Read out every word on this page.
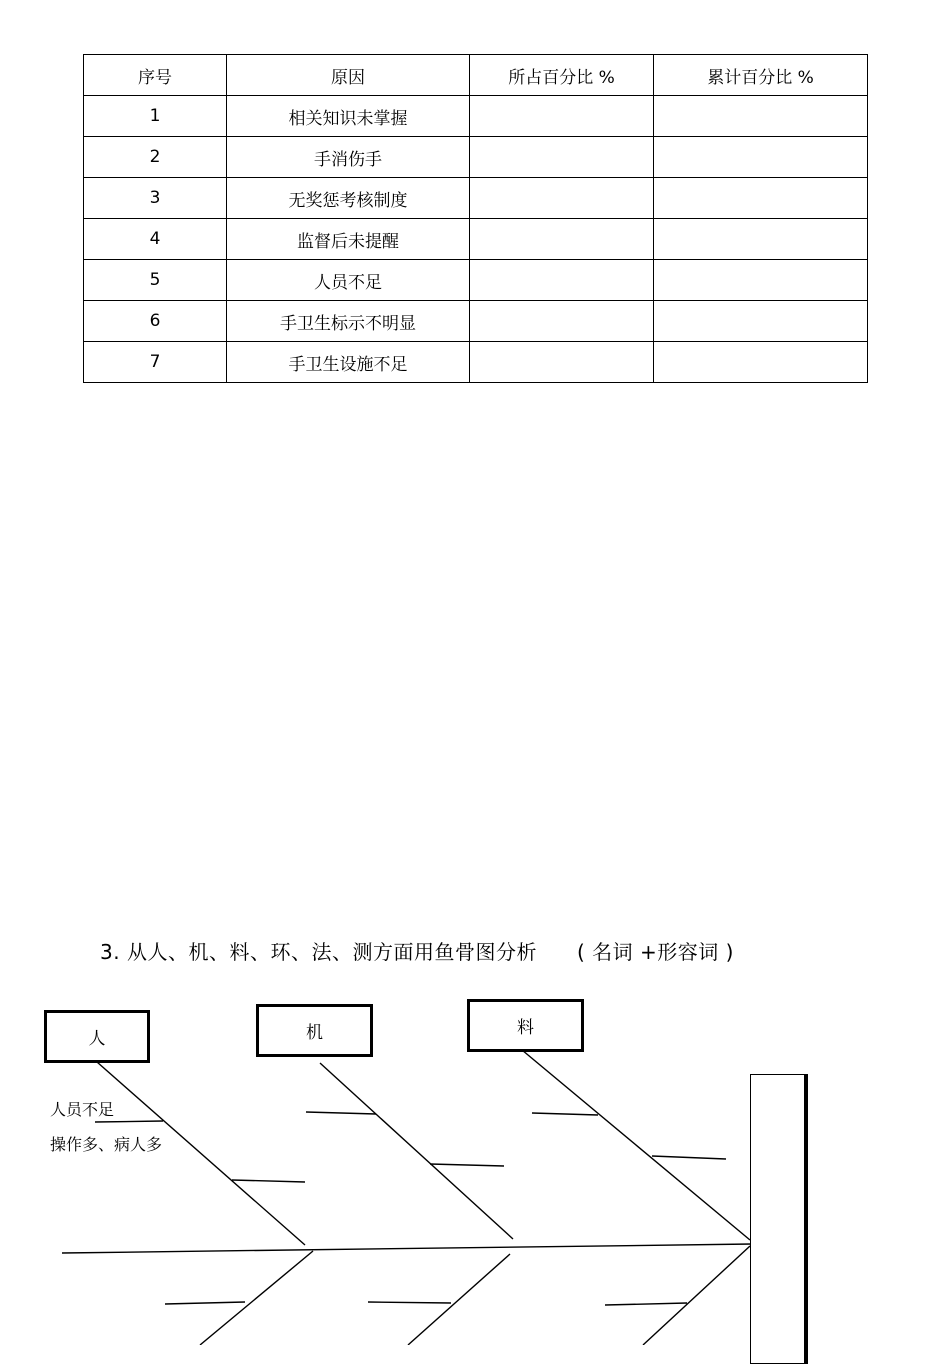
序号	原因	所占百分比 %	累计百分比 %
1	相关知识未掌握		
2	手消伤手		
3	无奖惩考核制度		
4	监督后未提醒		
5	人员不足		
6	手卫生标示不明显		
7	手卫生设施不足		
3. 从人、机、料、环、法、测方面用鱼骨图分析 ( 名词 +形容词 )
人	机	料
人员不足
操作多、病人多
